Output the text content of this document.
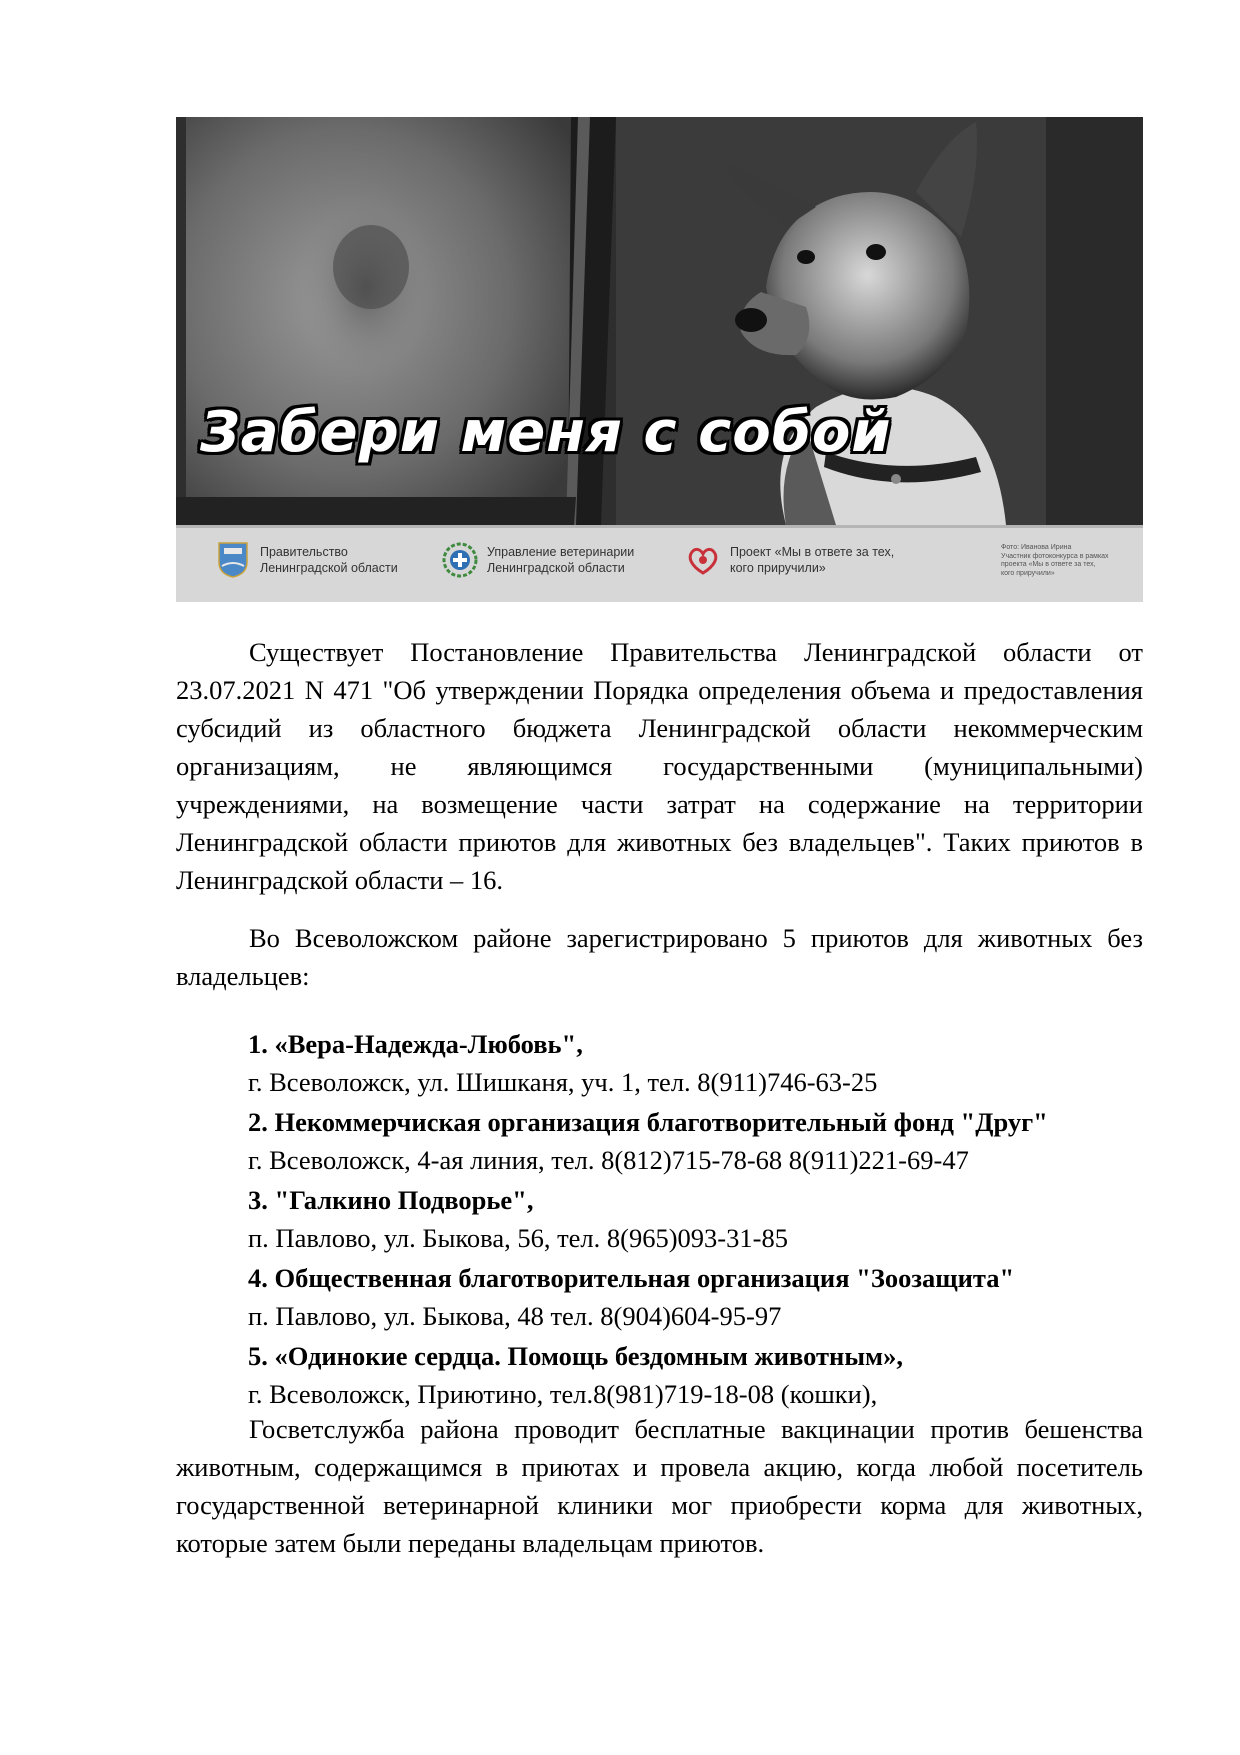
Забери меня с собой
Правительство
Ленинградской области
Управление ветеринарии
Ленинградской области
Проект «Мы в ответе за тех,
кого приручили»
Фото: Иванова Ирина
Участник фотоконкурса в рамках
проекта «Мы в ответе за тех,
кого приручили»

Существует Постановление Правительства Ленинградской области от 23.07.2021 N 471 "Об утверждении Порядка определения объема и предоставления субсидий из областного бюджета Ленинградской области некоммерческим организациям, не являющимся государственными (муниципальными) учреждениями, на возмещение части затрат на содержание на территории Ленинградской области приютов для животных без владельцев". Таких приютов в Ленинградской области – 16.

Во Всеволожском районе зарегистрировано 5 приютов для животных без владельцев:

1. «Вера-Надежда-Любовь",
г. Всеволожск, ул. Шишканя, уч. 1, тел. 8(911)746-63-25
2. Некоммерчиская организация благотворительный фонд "Друг"
г. Всеволожск, 4-ая линия, тел. 8(812)715-78-68 8(911)221-69-47
3. "Галкино Подворье",
п. Павлово, ул. Быкова, 56, тел. 8(965)093-31-85
4. Общественная благотворительная организация "Зоозащита"
п. Павлово, ул. Быкова, 48 тел. 8(904)604-95-97
5. «Одинокие сердца. Помощь бездомным животным»,
г. Всеволожск, Приютино, тел.8(981)719-18-08 (кошки),

Госветслужба района проводит бесплатные вакцинации против бешенства животным, содержащимся в приютах и провела акцию, когда любой посетитель государственной ветеринарной клиники мог приобрести корма для животных, которые затем были переданы владельцам приютов.
